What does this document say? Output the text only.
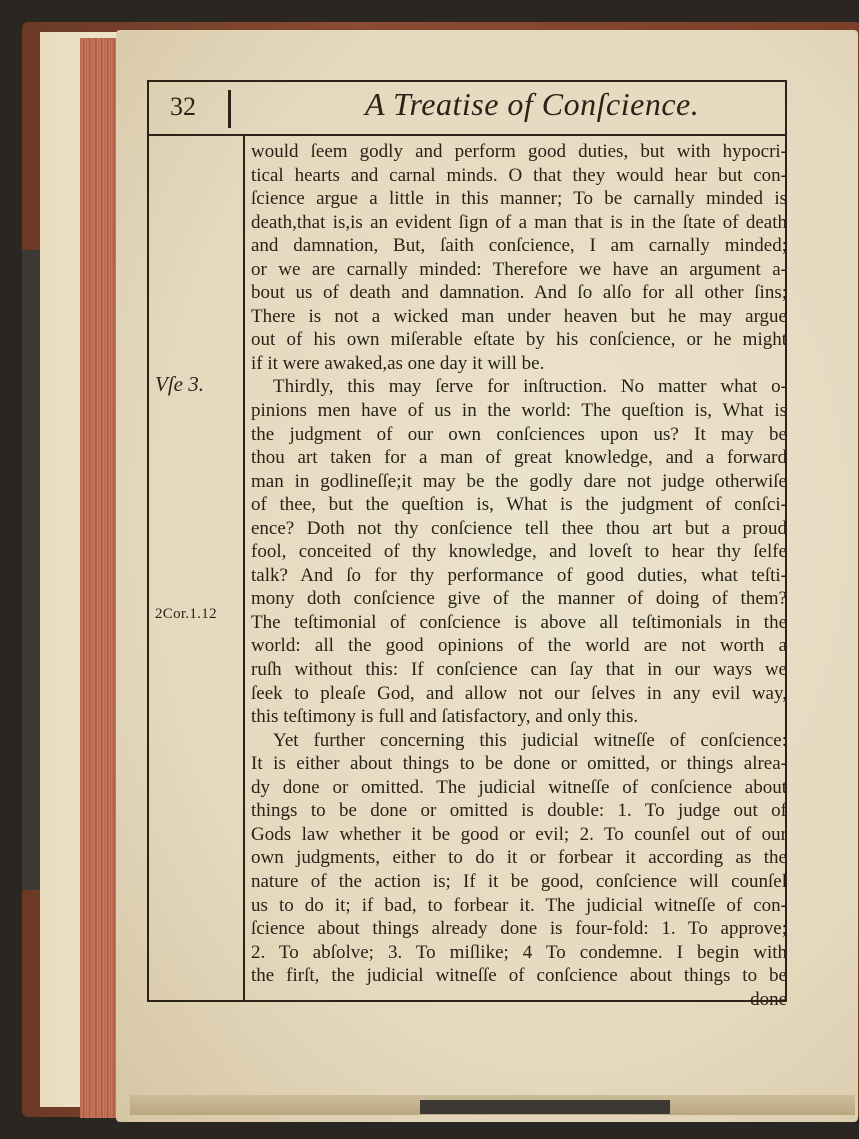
32	A Treatise of Conſcience.
Vſe 3.
2Cor.1.12
would ſeem godly and perform good duties, but with hypocri-
tical hearts and carnal minds. O that they would hear but con-
ſcience argue a little in this manner; To be carnally minded is
death,that is,is an evident ſign of a man that is in the ſtate of death
and damnation, But, ſaith conſcience, I am carnally minded;
or we are carnally minded: Therefore we have an argument a-
bout us of death and damnation. And ſo alſo for all other ſins;
There is not a wicked man under heaven but he may argue
out of his own miſerable eſtate by his conſcience, or he might
if it were awaked,as one day it will be.
Thirdly, this may ſerve for inſtruction. No matter what o-
pinions men have of us in the world: The queſtion is, What is
the judgment of our own conſciences upon us? It may be
thou art taken for a man of great knowledge, and a forward
man in godlineſſe;it may be the godly dare not judge otherwiſe
of thee, but the queſtion is, What is the judgment of conſci-
ence? Doth not thy conſcience tell thee thou art but a proud
fool, conceited of thy knowledge, and loveſt to hear thy ſelfe
talk? And ſo for thy performance of good duties, what teſti-
mony doth conſcience give of the manner of doing of them?
The teſtimonial of conſcience is above all teſtimonials in the
world: all the good opinions of the world are not worth a
ruſh without this: If conſcience can ſay that in our ways we
ſeek to pleaſe God, and allow not our ſelves in any evil way,
this teſtimony is full and ſatisfactory, and only this.
Yet further concerning this judicial witneſſe of conſcience:
It is either about things to be done or omitted, or things alrea-
dy done or omitted. The judicial witneſſe of conſcience about
things to be done or omitted is double: 1. To judge out of
Gods law whether it be good or evil; 2. To counſel out of our
own judgments, either to do it or forbear it according as the
nature of the action is; If it be good, conſcience will counſel
us to do it; if bad, to forbear it. The judicial witneſſe of con-
ſcience about things already done is four-fold: 1. To approve;
2. To abſolve; 3. To miſlike; 4 To condemne. I begin with
the firſt, the judicial witneſſe of conſcience about things to be
done
